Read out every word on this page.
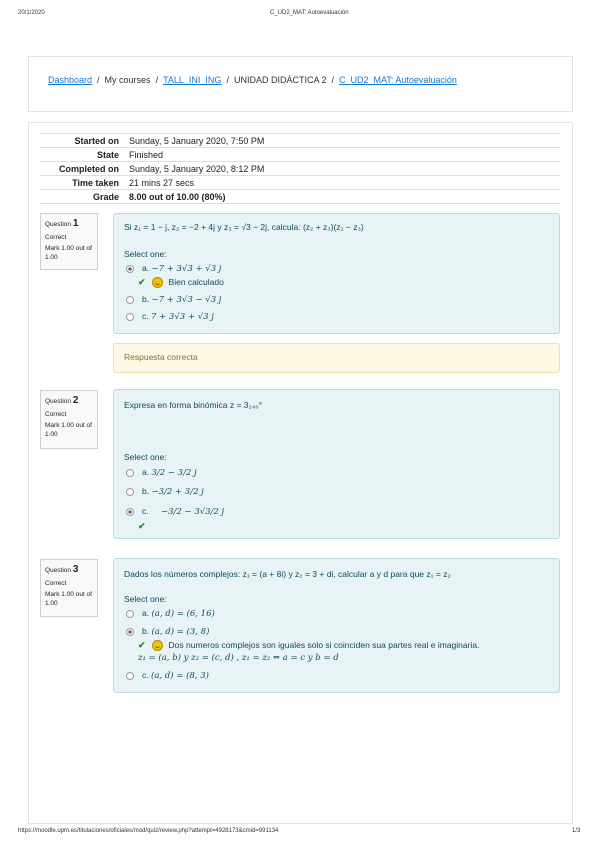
20/1/2020	C_UD2_MAT: Autoevaluación
Dashboard / My courses / TALL_INI_ING / UNIDAD DIDÁCTICA 2 / C_UD2_MAT: Autoevaluación
Started on	Sunday, 5 January 2020, 7:50 PM
State	Finished
Completed on	Sunday, 5 January 2020, 8:12 PM
Time taken	21 mins 27 secs
Grade	8.00 out of 10.00 (80%)
Question 1
Correct
Mark 1.00 out of 1.00
Si z₁ = 1 − j, z₂ = −2 + 4j y z₃ = √3 − 2j, calcula: (z₂ + z₃)(z₁ − z₃)
Select one:
a. −7 + 3√3 + √3 j
✔	Bien calculado
b. −7 + 3√3 − √3 j
c. 7 + 3√3 + √3 j
Respuesta correcta
Question 2
Correct
Mark 1.00 out of 1.00
Expresa en forma binómica z = 3₂₄₀°
Select one:
a. 3/2 − 3/2 j
b. −3/2 + 3/2 j
c. −3/2 − 3√3/2 j
✔
Question 3
Correct
Mark 1.00 out of 1.00
Dados los números complejos: z₁ = (a + 8i) y z₂ = 3 + di, calcular a y d para que z₁ = z₂
Select one:
a. (a, d) = (6, 16)
b. (a, d) = (3, 8)
✔	Dos numeros complejos son iguales solo si coinciden sua partes real e imaginaria.
z₁ = (a, b) y z₂ = (c, d) , z₁ = z₂ ⇔ a = c y b = d
c. (a, d) = (8, 3)
https://moodle.upm.es/titulaciones/oficiales/mod/quiz/review.php?attempt=4928173&cmid=991134	1/3
